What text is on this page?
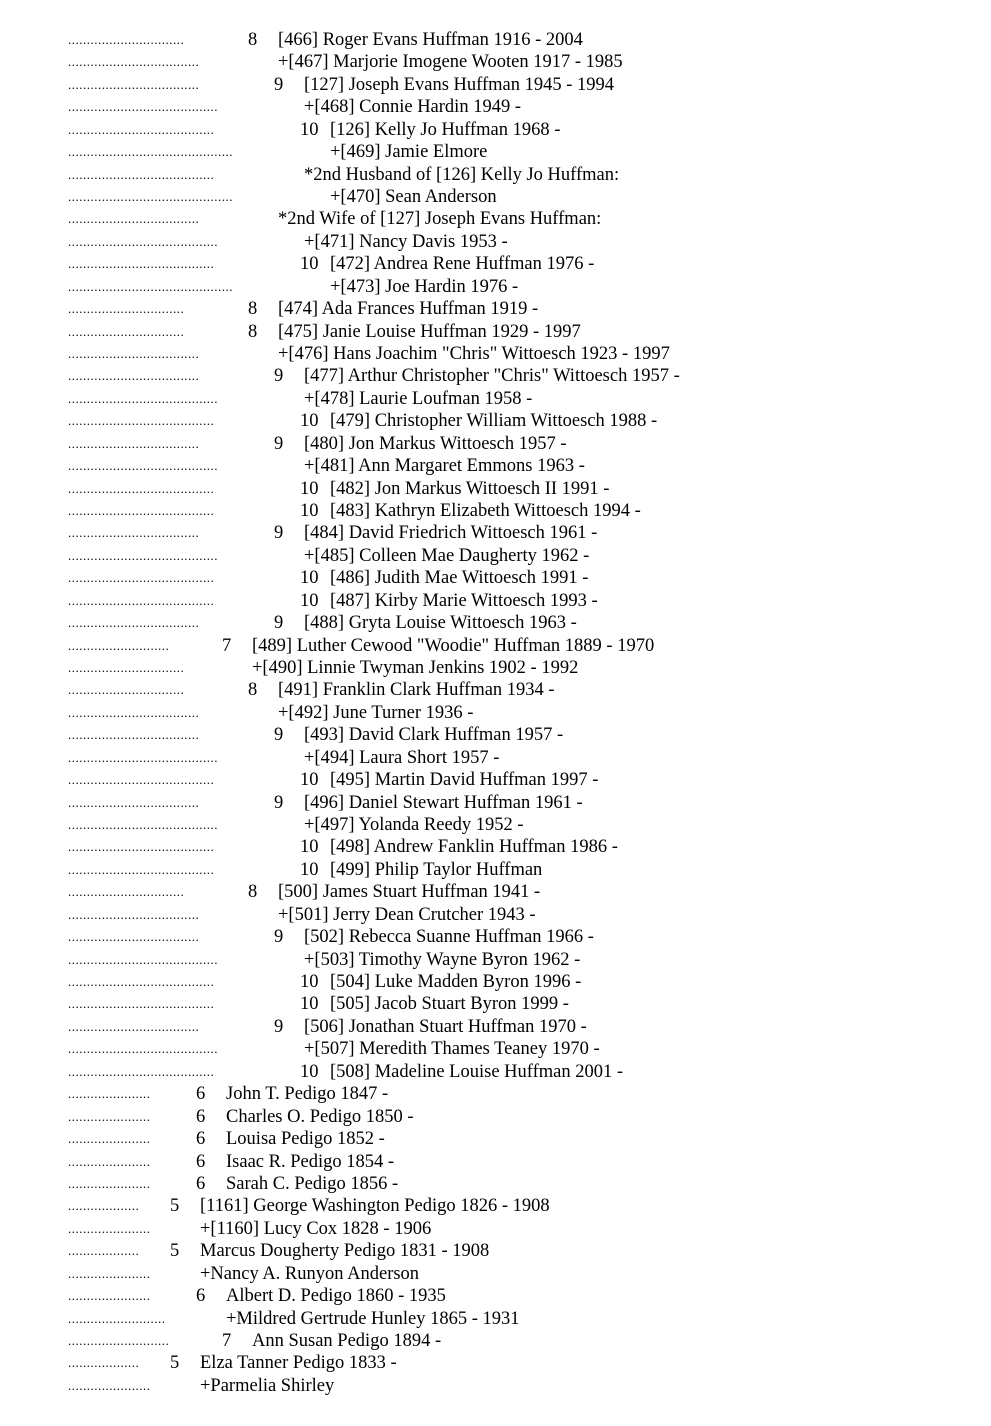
...............................	8 [466] Roger Evans Huffman 1916 - 2004
...................................	+[467] Marjorie Imogene Wooten 1917 - 1985
...................................	9 [127] Joseph Evans Huffman 1945 - 1994
........................................	+[468] Connie Hardin 1949 -
.......................................	10 [126] Kelly Jo Huffman 1968 -
............................................	+[469] Jamie Elmore
.......................................	*2nd Husband of [126] Kelly Jo Huffman:
............................................	+[470] Sean Anderson
...................................	*2nd Wife of [127] Joseph Evans Huffman:
........................................	+[471] Nancy Davis 1953 -
.......................................	10 [472] Andrea Rene Huffman 1976 -
............................................	+[473] Joe Hardin 1976 -
...............................	8 [474] Ada Frances Huffman 1919 -
...............................	8 [475] Janie Louise Huffman 1929 - 1997
...................................	+[476] Hans Joachim "Chris" Wittoesch 1923 - 1997
...................................	9 [477] Arthur Christopher "Chris" Wittoesch 1957 -
........................................	+[478] Laurie Loufman 1958 -
.......................................	10 [479] Christopher William Wittoesch 1988 -
...................................	9 [480] Jon Markus Wittoesch 1957 -
........................................	+[481] Ann Margaret Emmons 1963 -
.......................................	10 [482] Jon Markus Wittoesch II 1991 -
.......................................	10 [483] Kathryn Elizabeth Wittoesch 1994 -
...................................	9 [484] David Friedrich Wittoesch 1961 -
........................................	+[485] Colleen Mae Daugherty 1962 -
.......................................	10 [486] Judith Mae Wittoesch 1991 -
.......................................	10 [487] Kirby Marie Wittoesch 1993 -
...................................	9 [488] Gryta Louise Wittoesch 1963 -
...........................	7 [489] Luther Cewood "Woodie" Huffman 1889 - 1970
...............................	+[490] Linnie Twyman Jenkins 1902 - 1992
...............................	8 [491] Franklin Clark Huffman 1934 -
...................................	+[492] June Turner 1936 -
...................................	9 [493] David Clark Huffman 1957 -
........................................	+[494] Laura Short 1957 -
.......................................	10 [495] Martin David Huffman 1997 -
...................................	9 [496] Daniel Stewart Huffman 1961 -
........................................	+[497] Yolanda Reedy 1952 -
.......................................	10 [498] Andrew Fanklin Huffman 1986 -
.......................................	10 [499] Philip Taylor Huffman
...............................	8 [500] James Stuart Huffman 1941 -
...................................	+[501] Jerry Dean Crutcher 1943 -
...................................	9 [502] Rebecca Suanne Huffman 1966 -
........................................	+[503] Timothy Wayne Byron 1962 -
.......................................	10 [504] Luke Madden Byron 1996 -
.......................................	10 [505] Jacob Stuart Byron 1999 -
...................................	9 [506] Jonathan Stuart Huffman 1970 -
........................................	+[507] Meredith Thames Teaney 1970 -
.......................................	10 [508] Madeline Louise Huffman 2001 -
...................... 6 John T. Pedigo 1847 -
...................... 6 Charles O. Pedigo 1850 -
...................... 6 Louisa Pedigo 1852 -
...................... 6 Isaac R. Pedigo 1854 -
...................... 6 Sarah C. Pedigo 1856 -
................... 5 [1161] George Washington Pedigo 1826 - 1908
......................	+[1160] Lucy Cox 1828 - 1906
................... 5 Marcus Dougherty Pedigo 1831 - 1908
......................	+Nancy A. Runyon Anderson
...................... 6 Albert D. Pedigo 1860 - 1935
..........................	+Mildred Gertrude Hunley 1865 - 1931
...........................	7 Ann Susan Pedigo 1894 -
................... 5 Elza Tanner Pedigo 1833 -
......................	+Parmelia Shirley
